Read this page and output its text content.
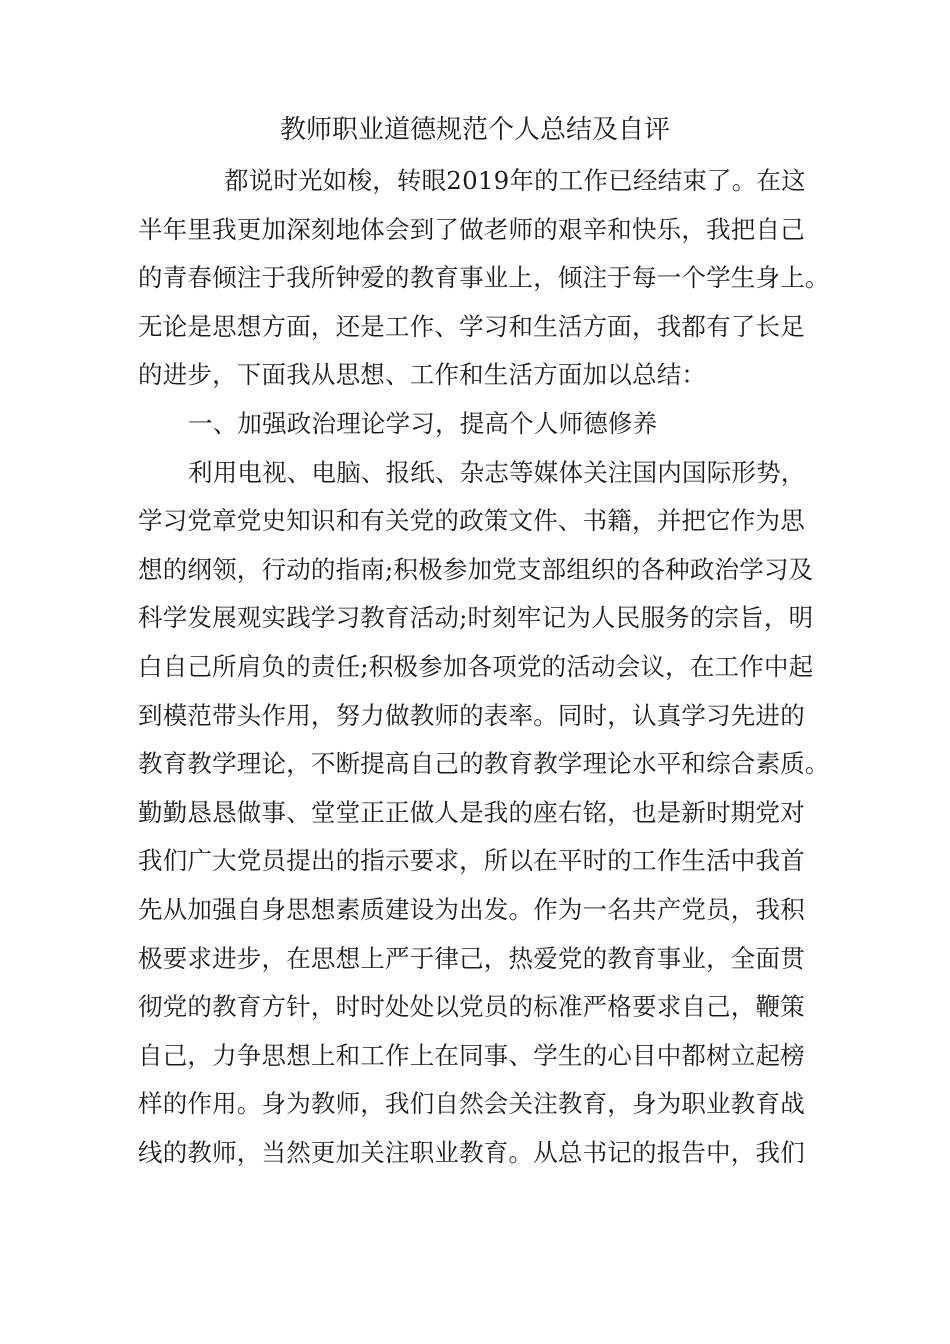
教师职业道德规范个人总结及自评
都说时光如梭，转眼2019年的工作已经结束了。在这
半年里我更加深刻地体会到了做老师的艰辛和快乐，我把自己
的青春倾注于我所钟爱的教育事业上，倾注于每一个学生身上。
无论是思想方面，还是工作、学习和生活方面，我都有了长足
的进步，下面我从思想、工作和生活方面加以总结：
一、加强政治理论学习，提高个人师德修养
利用电视、电脑、报纸、杂志等媒体关注国内国际形势，
学习党章党史知识和有关党的政策文件、书籍，并把它作为思
想的纲领，行动的指南;积极参加党支部组织的各种政治学习及
科学发展观实践学习教育活动;时刻牢记为人民服务的宗旨，明
白自己所肩负的责任;积极参加各项党的活动会议，在工作中起
到模范带头作用，努力做教师的表率。同时，认真学习先进的
教育教学理论，不断提高自己的教育教学理论水平和综合素质。
勤勤恳恳做事、堂堂正正做人是我的座右铭，也是新时期党对
我们广大党员提出的指示要求，所以在平时的工作生活中我首
先从加强自身思想素质建设为出发。作为一名共产党员，我积
极要求进步，在思想上严于律己，热爱党的教育事业，全面贯
彻党的教育方针，时时处处以党员的标准严格要求自己，鞭策
自己，力争思想上和工作上在同事、学生的心目中都树立起榜
样的作用。身为教师，我们自然会关注教育，身为职业教育战
线的教师，当然更加关注职业教育。从总书记的报告中，我们
